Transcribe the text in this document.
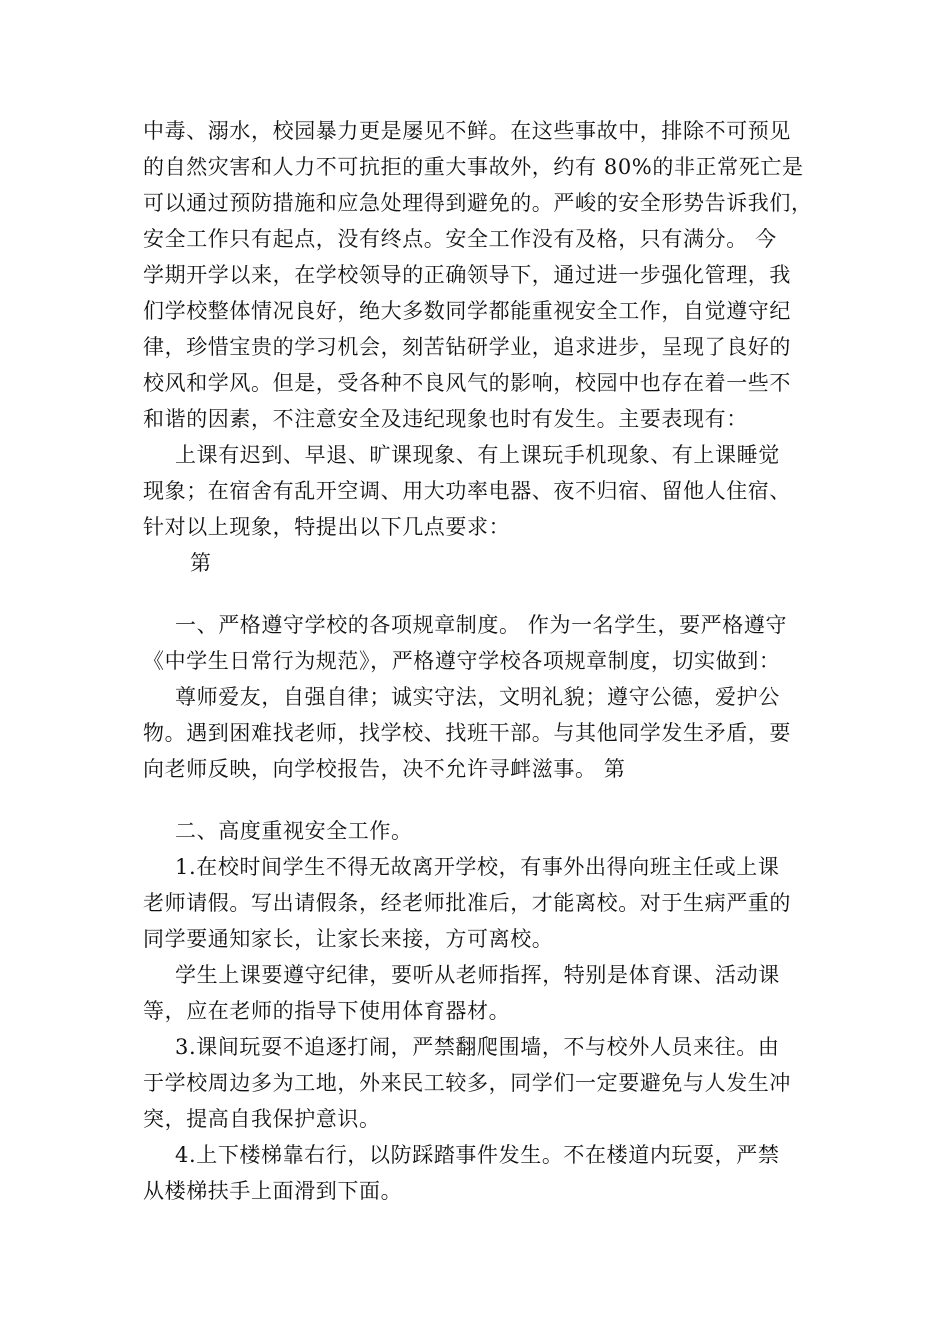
中毒、溺水，校园暴力更是屡见不鲜。在这些事故中，排除不可预见
的自然灾害和人力不可抗拒的重大事故外，约有 80%的非正常死亡是
可以通过预防措施和应急处理得到避免的。严峻的安全形势告诉我们，
安全工作只有起点，没有终点。安全工作没有及格，只有满分。 今
学期开学以来，在学校领导的正确领导下，通过进一步强化管理，我
们学校整体情况良好，绝大多数同学都能重视安全工作，自觉遵守纪
律，珍惜宝贵的学习机会，刻苦钻研学业，追求进步，呈现了良好的
校风和学风。但是，受各种不良风气的影响，校园中也存在着一些不
和谐的因素，不注意安全及违纪现象也时有发生。主要表现有：
上课有迟到、早退、旷课现象、有上课玩手机现象、有上课睡觉
现象；在宿舍有乱开空调、用大功率电器、夜不归宿、留他人住宿、
针对以上现象，特提出以下几点要求：
第
一、严格遵守学校的各项规章制度。 作为一名学生，要严格遵守
《中学生日常行为规范》，严格遵守学校各项规章制度，切实做到：
尊师爱友，自强自律；诚实守法，文明礼貌；遵守公德，爱护公
物。遇到困难找老师，找学校、找班干部。与其他同学发生矛盾，要
向老师反映，向学校报告，决不允许寻衅滋事。 第
二、高度重视安全工作。
1.在校时间学生不得无故离开学校，有事外出得向班主任或上课
老师请假。写出请假条，经老师批准后，才能离校。对于生病严重的
同学要通知家长，让家长来接，方可离校。
学生上课要遵守纪律，要听从老师指挥，特别是体育课、活动课
等，应在老师的指导下使用体育器材。
3.课间玩耍不追逐打闹，严禁翻爬围墙，不与校外人员来往。由
于学校周边多为工地，外来民工较多，同学们一定要避免与人发生冲
突，提高自我保护意识。
4.上下楼梯靠右行，以防踩踏事件发生。不在楼道内玩耍，严禁
从楼梯扶手上面滑到下面。
